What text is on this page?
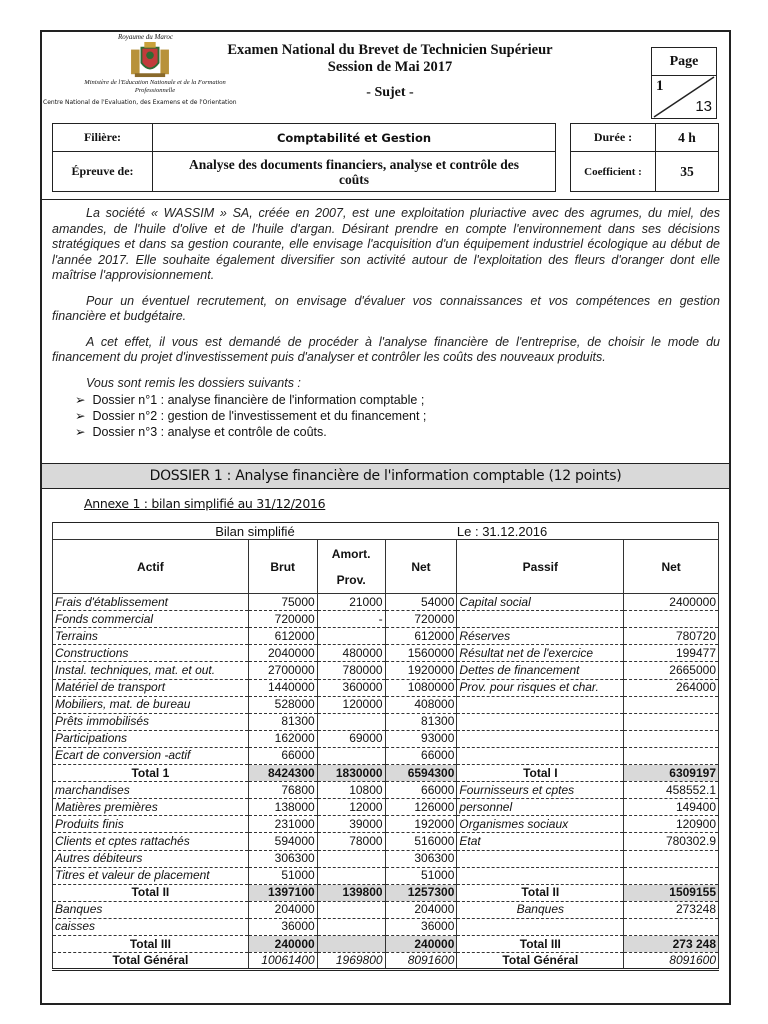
Royaume du Maroc
Ministère de l'Education Nationale et de la Formation Professionnelle
Centre National de l'Evaluation, des Examens et de l'Orientation
Examen National du Brevet de Technicien Supérieur
Session de Mai 2017
- Sujet -
Page
1
13
Filière:	Comptabilité et Gestion
Épreuve de:	Analyse des documents financiers, analyse et contrôle des coûts
Durée :	4 h
Coefficient :	35

La société « WASSIM » SA, créée en 2007, est une exploitation pluriactive avec des agrumes, du miel, des amandes, de l'huile d'olive et de l'huile d'argan. Désirant prendre en compte l'environnement dans ses décisions stratégiques et dans sa gestion courante, elle envisage l'acquisition d'un équipement industriel écologique au début de l'année 2017. Elle souhaite également diversifier son activité autour de l'exploitation des fleurs d'oranger dont elle maîtrise l'approvisionnement.

Pour un éventuel recrutement, on envisage d'évaluer vos connaissances et vos compétences en gestion financière et budgétaire.

A cet effet, il vous est demandé de procéder à l'analyse financière de l'entreprise, de choisir le mode du financement du projet d'investissement puis d'analyser et contrôler les coûts des nouveaux produits.

Vous sont remis les dossiers suivants :

➢  Dossier n°1 : analyse financière de l'information comptable ;
➢  Dossier n°2 : gestion de l'investissement et du financement ;
➢  Dossier n°3 : analyse et contrôle de coûts.
DOSSIER 1 : Analyse financière de l'information comptable (12 points)
Annexe 1 : bilan simplifié au 31/12/2016
Bilan simplifié				Le : 31.12.2016	
Actif	Brut	Amort. Prov.	Net	Passif	Net
Frais d'établissement	75000	21000	54000	Capital social	2400000
Fonds commercial	720000	-	720000		
Terrains	612000		612000	Réserves	780720
Constructions	2040000	480000	1560000	Résultat net de l'exercice	199477
Instal. techniques, mat. et out.	2700000	780000	1920000	Dettes de financement	2665000
Matériel de transport	1440000	360000	1080000	Prov. pour risques et char.	264000
Mobiliers, mat. de bureau	528000	120000	408000		
Prêts immobilisés	81300		81300		
Participations	162000	69000	93000		
Ecart de conversion -actif	66000		66000		
Total 1	8424300	1830000	6594300	Total I	6309197
marchandises	76800	10800	66000	Fournisseurs et cptes	458552.1
Matières premières	138000	12000	126000	personnel	149400
Produits finis	231000	39000	192000	Organismes sociaux	120900
Clients et cptes rattachés	594000	78000	516000	Etat	780302.9
Autres débiteurs	306300		306300		
Titres et valeur de placement	51000		51000		
Total II	1397100	139800	1257300	Total II	1509155
Banques	204000		204000	Banques	273248
caisses	36000		36000		
Total III	240000		240000	Total III	273 248
Total Général	10061400	1969800	8091600	Total Général	8091600
